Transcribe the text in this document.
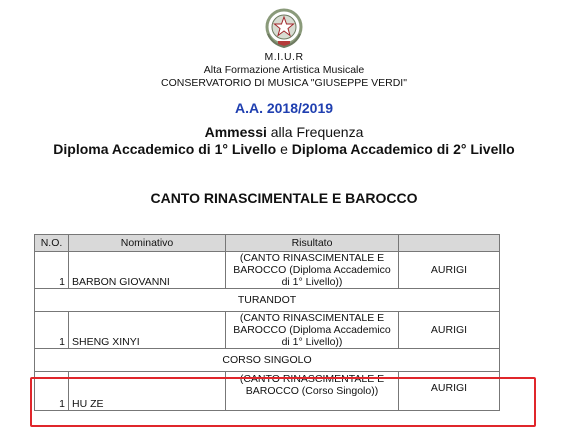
M.I.U.R
Alta Formazione Artistica Musicale
CONSERVATORIO DI MUSICA "GIUSEPPE VERDI"
A.A. 2018/2019
Ammessi alla Frequenza
Diploma Accademico di 1° Livello e Diploma Accademico di 2° Livello
CANTO RINASCIMENTALE E BAROCCO
N.O.	Nominativo	Risultato	
1	BARBON GIOVANNI	(CANTO RINASCIMENTALE E BAROCCO (Diploma Accademico di 1° Livello))	AURIGI
TURANDOT			
1	SHENG XINYI	(CANTO RINASCIMENTALE E BAROCCO (Diploma Accademico di 1° Livello))	AURIGI
CORSO SINGOLO			
1	HU ZE	(CANTO RINASCIMENTALE E BAROCCO (Corso Singolo))	AURIGI
